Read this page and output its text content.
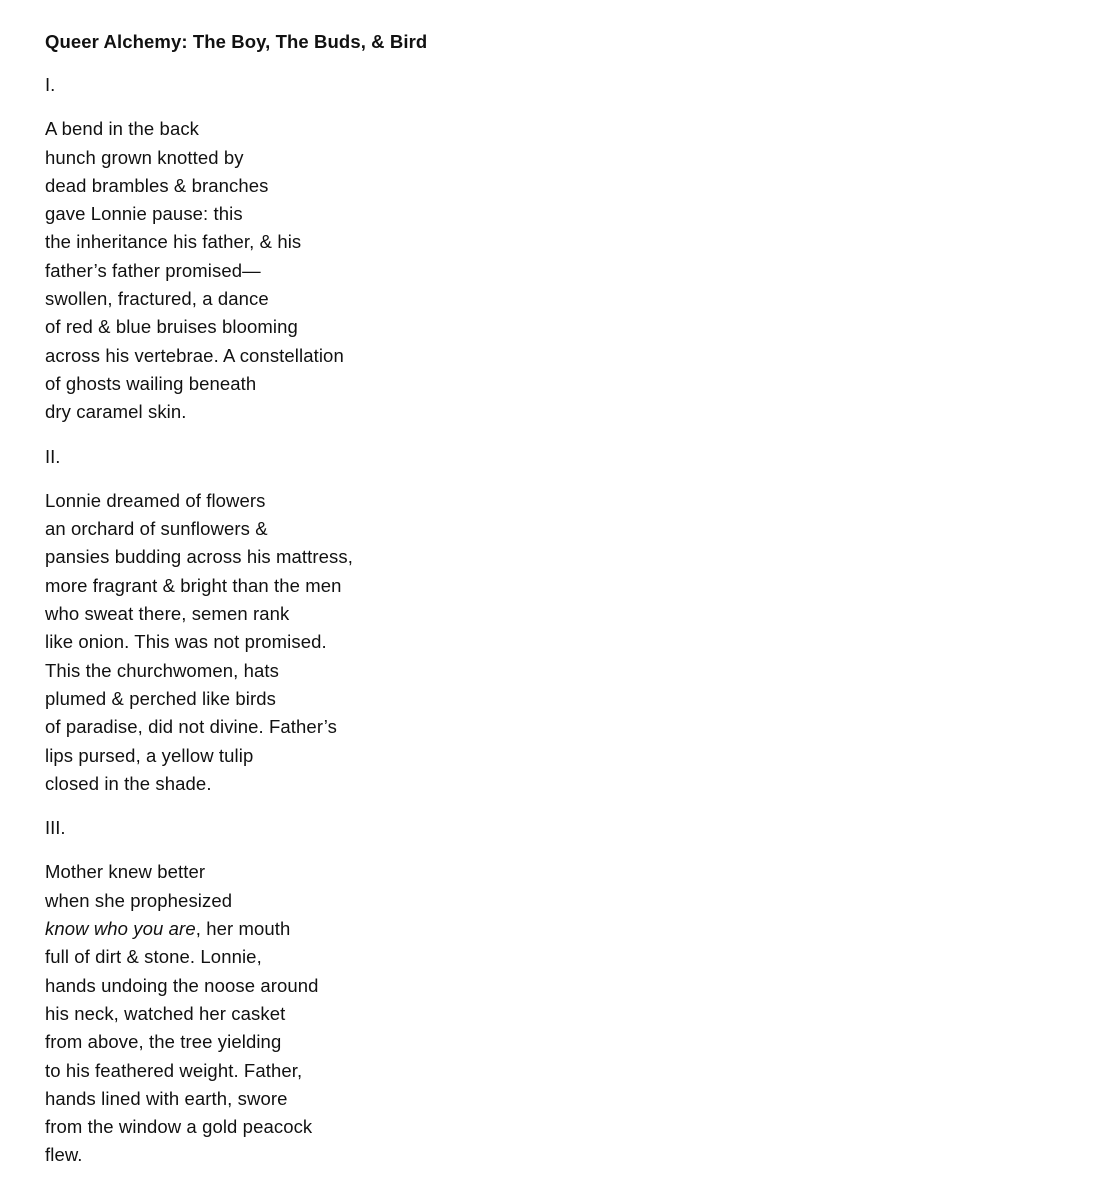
Queer Alchemy: The Boy, The Buds, & Bird
I.
A bend in the back
hunch grown knotted by
dead brambles & branches
gave Lonnie pause: this
the inheritance his father, & his
father’s father promised—
swollen, fractured, a dance
of red & blue bruises blooming
across his vertebrae. A constellation
of ghosts wailing beneath
dry caramel skin.
II.
Lonnie dreamed of flowers
an orchard of sunflowers &
pansies budding across his mattress,
more fragrant & bright than the men
who sweat there, semen rank
like onion. This was not promised.
This the churchwomen, hats
plumed & perched like birds
of paradise, did not divine. Father’s
lips pursed, a yellow tulip
closed in the shade.
III.
Mother knew better
when she prophesized
know who you are, her mouth
full of dirt & stone. Lonnie,
hands undoing the noose around
his neck, watched her casket
from above, the tree yielding
to his feathered weight. Father,
hands lined with earth, swore
from the window a gold peacock
flew.
